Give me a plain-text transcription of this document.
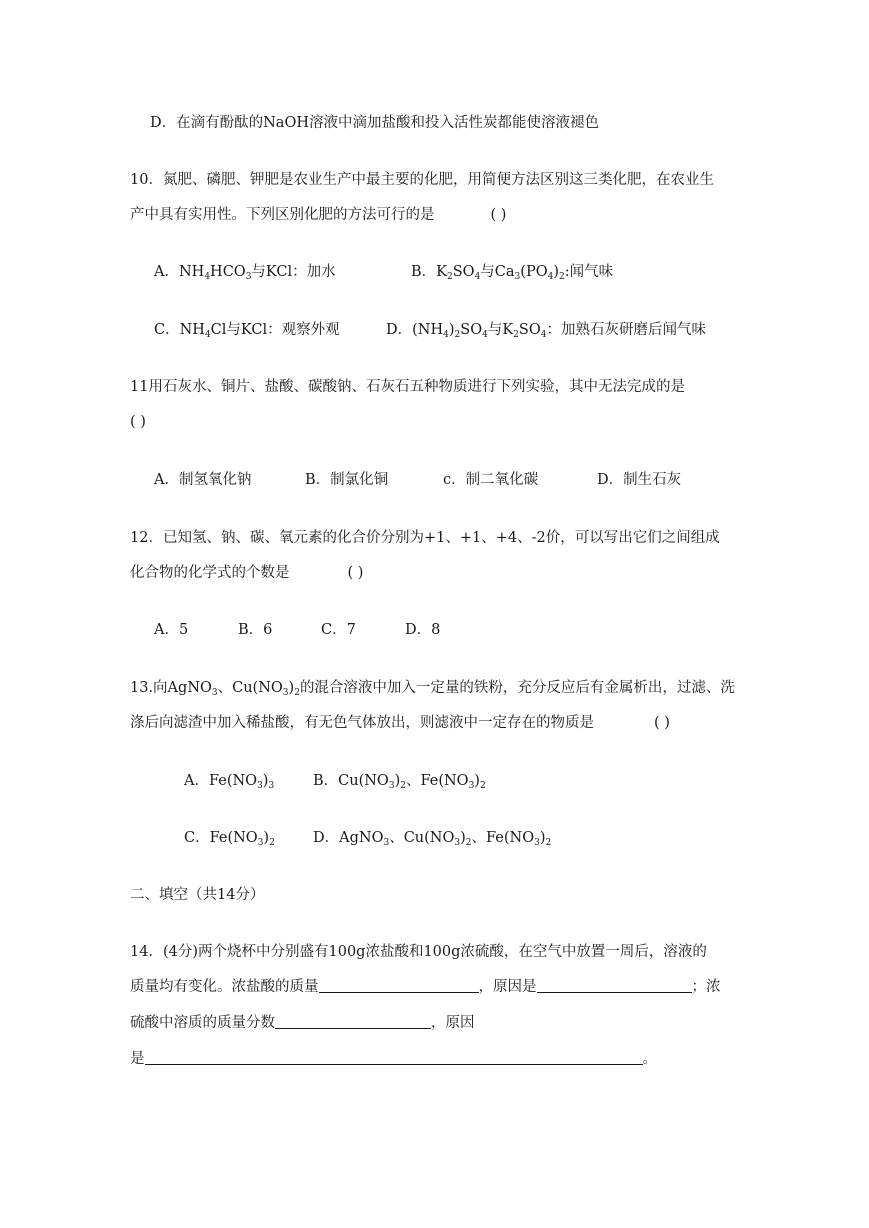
D．在滴有酚酞的NaOH溶液中滴加盐酸和投入活性炭都能使溶液褪色
10．氮肥、磷肥、钾肥是农业生产中最主要的化肥，用简便方法区别这三类化肥，在农业生
产中具有实用性。下列区别化肥的方法可行的是	( )
A．$NH_4HCO_3$与KCl：加水	B．$K_2SO_4$与$Ca_3(PO_4)_2$:闻气味
C．$NH_4Cl$与KCl：观察外观	D．$(NH_4)_2SO_4$与$K_2SO_4$：加熟石灰研磨后闻气味
11用石灰水、铜片、盐酸、碳酸钠、石灰石五种物质进行下列实验，其中无法完成的是
( )
A．制氢氧化钠	B．制氯化铜	c．制二氧化碳	D．制生石灰
12．已知氢、钠、碳、氧元素的化合价分别为+1、+1、+4、-2价，可以写出它们之间组成
化合物的化学式的个数是	( )
A．5	B．6	C．7	D．8
13.向AgNO$_3$、$Cu(NO_3)_2$的混合溶液中加入一定量的铁粉，充分反应后有金属析出，过滤、洗
涤后向滤渣中加入稀盐酸，有无色气体放出，则滤液中一定存在的物质是	( )
A．$Fe(NO_3)_3$	B．$Cu(NO_3)_2$、$Fe(NO_3)_2$
C．$Fe(NO_3)_2$	D．AgNO$_3$、$Cu(NO_3)_2$、$Fe(NO_3)_2$
二、填空（共14分）
14．(4分)两个烧杯中分别盛有100g浓盐酸和100g浓硫酸，在空气中放置一周后，溶液的
质量均有变化。浓盐酸的质量	，原因是	；浓
硫酸中溶质的质量分数	，原因
是	。
